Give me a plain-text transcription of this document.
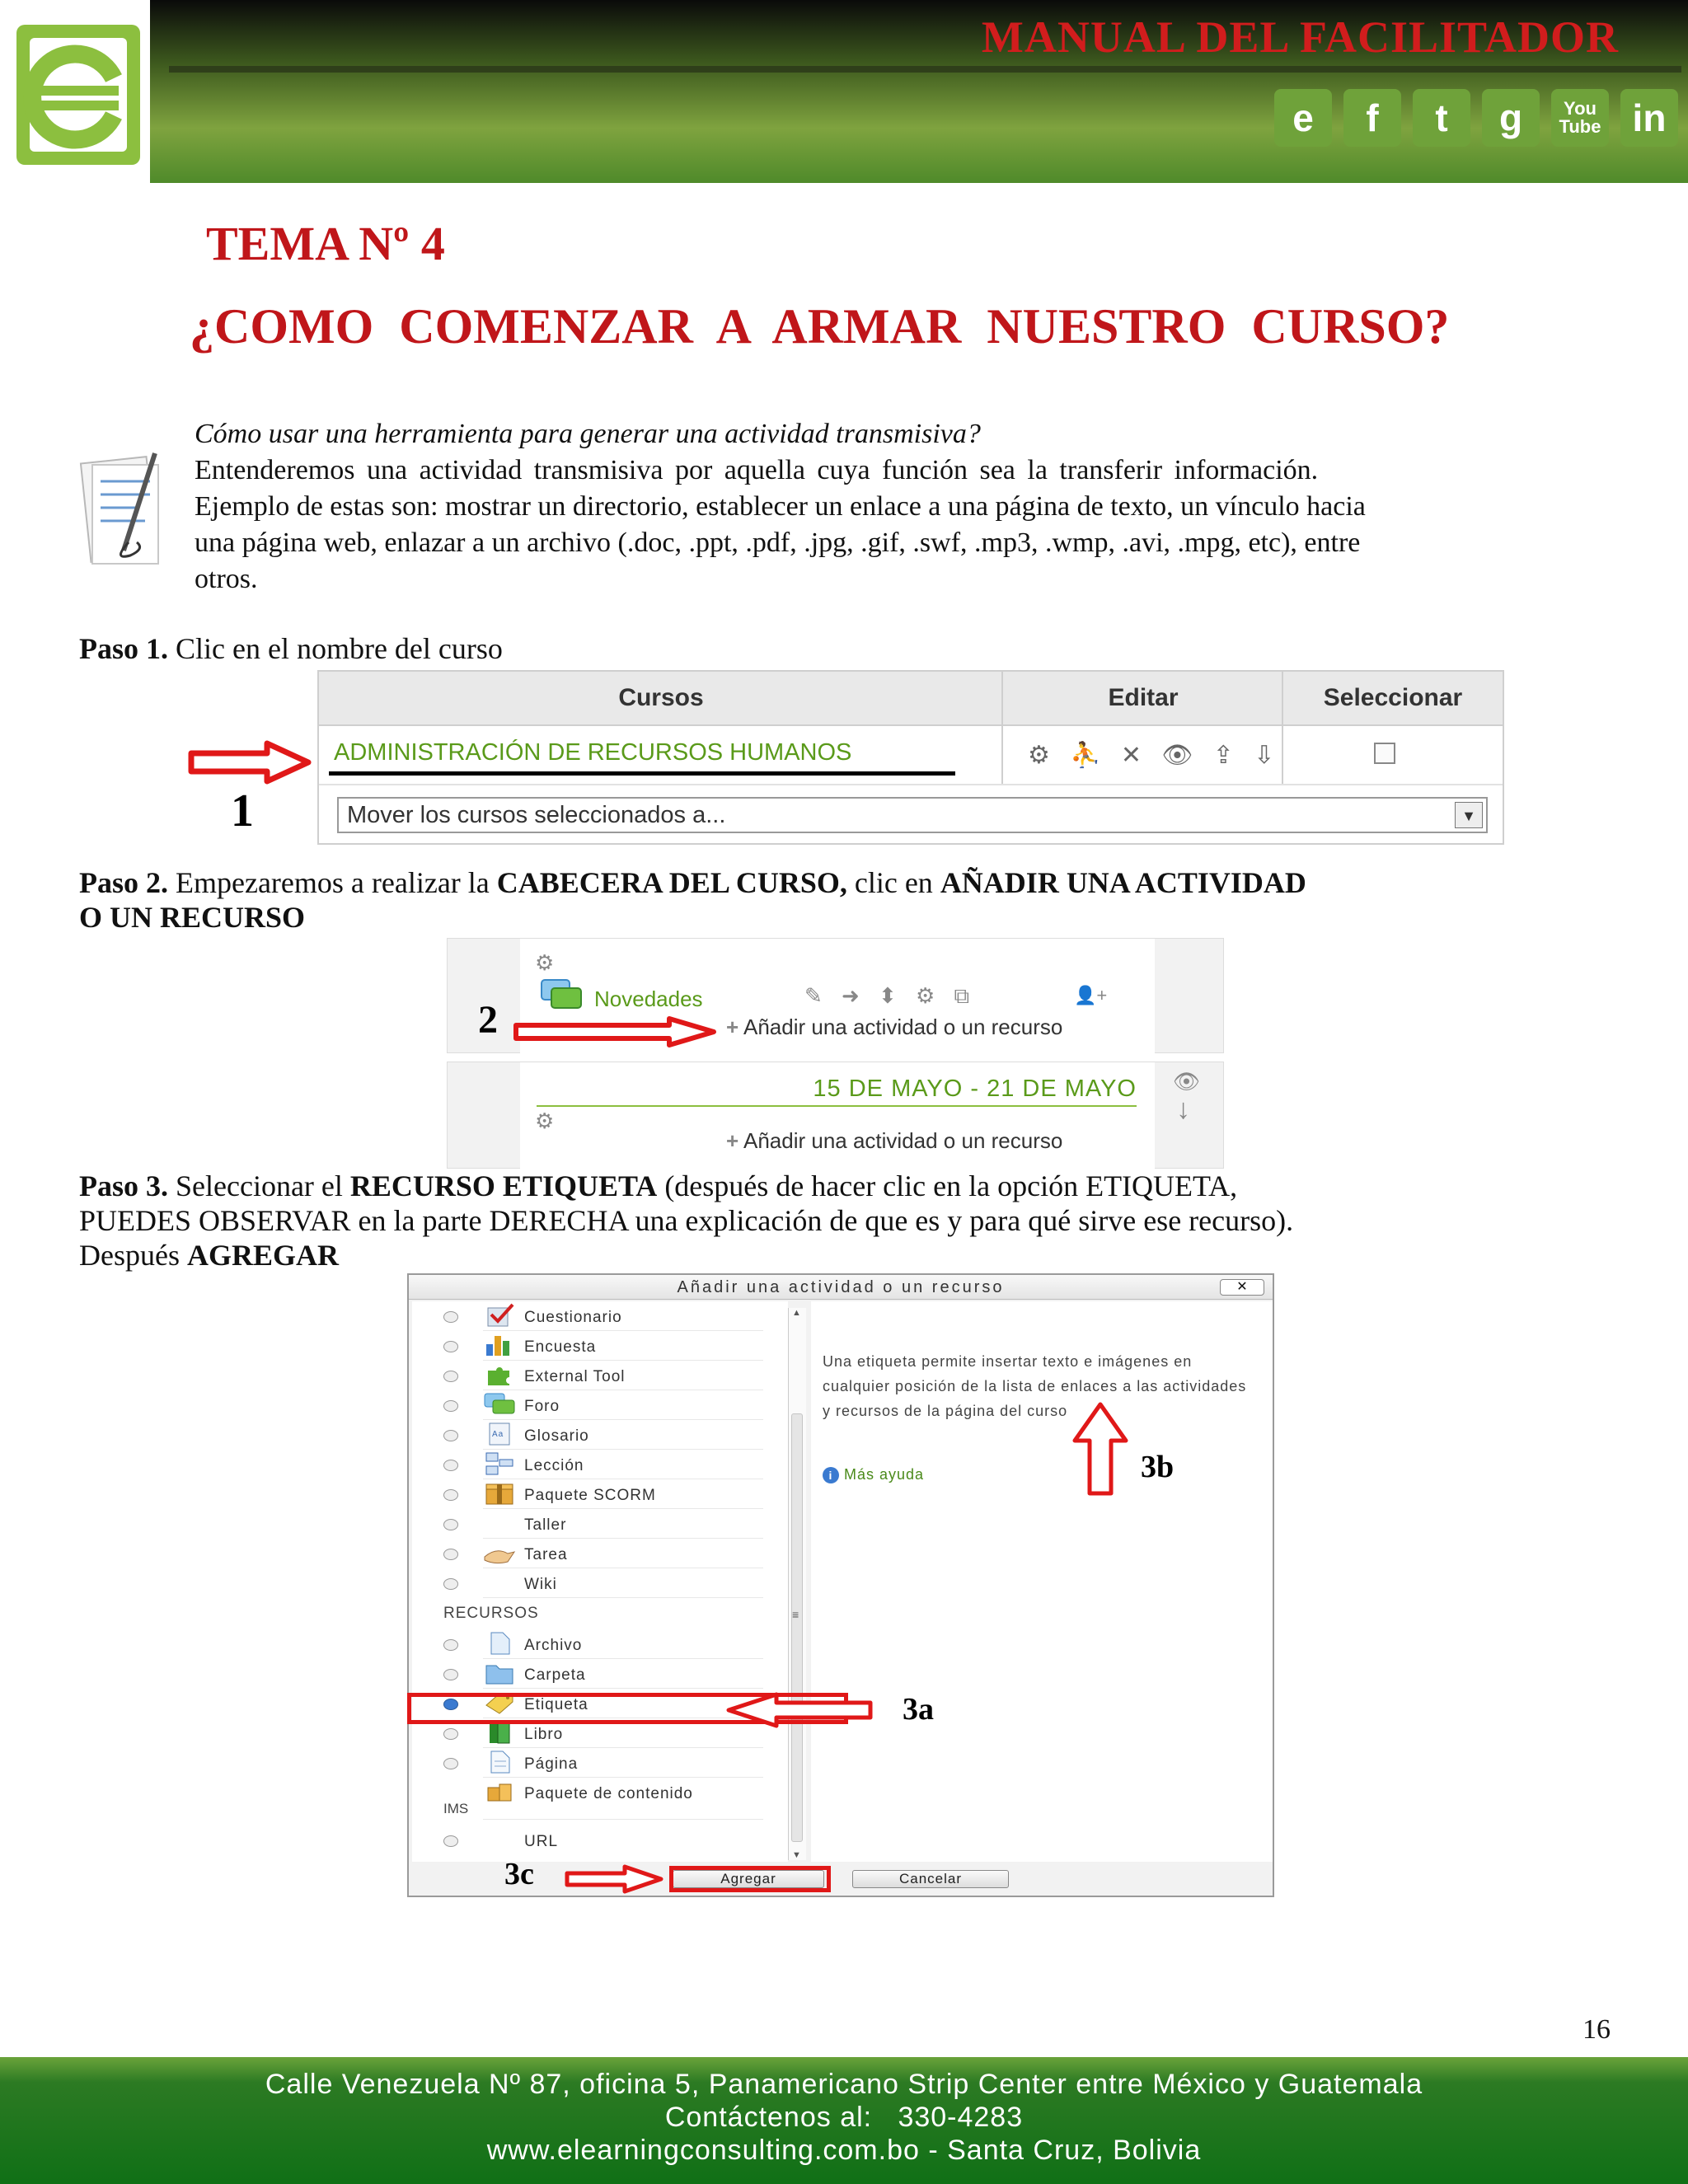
MANUAL DEL FACILITADOR
e	f	t	g	You Tube in
TEMA Nº 4
¿COMO COMENZAR A ARMAR NUESTRO CURSO?
Cómo usar una herramienta para generar una actividad transmisiva?
Entenderemos una actividad transmisiva por aquella cuya función sea la transferir información.
Ejemplo de estas son: mostrar un directorio, establecer un enlace a una página de texto, un vínculo hacia
una página web, enlazar a un archivo (.doc, .ppt, .pdf, .jpg, .gif, .swf, .mp3, .wmp, .avi, .mpg, etc), entre
otros.
Paso 1. Clic en el nombre del curso
Cursos	Editar	Seleccionar
ADMINISTRACIÓN DE RECURSOS HUMANOS	⚙ ⛹ ✕ 👁 ⇪ ⇩
Mover los cursos seleccionados a...	▼
1
Paso 2. Empezaremos a realizar la CABECERA DEL CURSO, clic en AÑADIR UNA ACTIVIDAD
O UN RECURSO
⚙
Novedades	✎ ➜ ⬍ ⚙ ⧉	👤+
+ Añadir una actividad o un recurso
2
15 DE MAYO - 21 DE MAYO
⚙
+ Añadir una actividad o un recurso
👁
↓
Paso 3. Seleccionar el RECURSO ETIQUETA (después de hacer clic en la opción ETIQUETA,
PUEDES OBSERVAR en la parte DERECHA una explicación de que es y para qué sirve ese recurso).
Después AGREGAR
Añadir una actividad o un recurso	✕
Cuestionario
Encuesta
External Tool
Foro
Aa Glosario
Lección
Paquete SCORM
Taller
Tarea
Wiki
RECURSOS
Archivo
Carpeta
Etiqueta
Libro
Página
Paquete de contenido
IMS
URL
▲
≡
▼
Una etiqueta permite insertar texto e imágenes en cualquier posición de la lista de enlaces a las actividades y recursos de la página del curso
i Más ayuda
Agregar	Cancelar
3a
3b
3c
16
Calle Venezuela Nº 87, oficina 5, Panamericano Strip Center entre México y Guatemala
Contáctenos al:   330-4283
www.elearningconsulting.com.bo - Santa Cruz, Bolivia
